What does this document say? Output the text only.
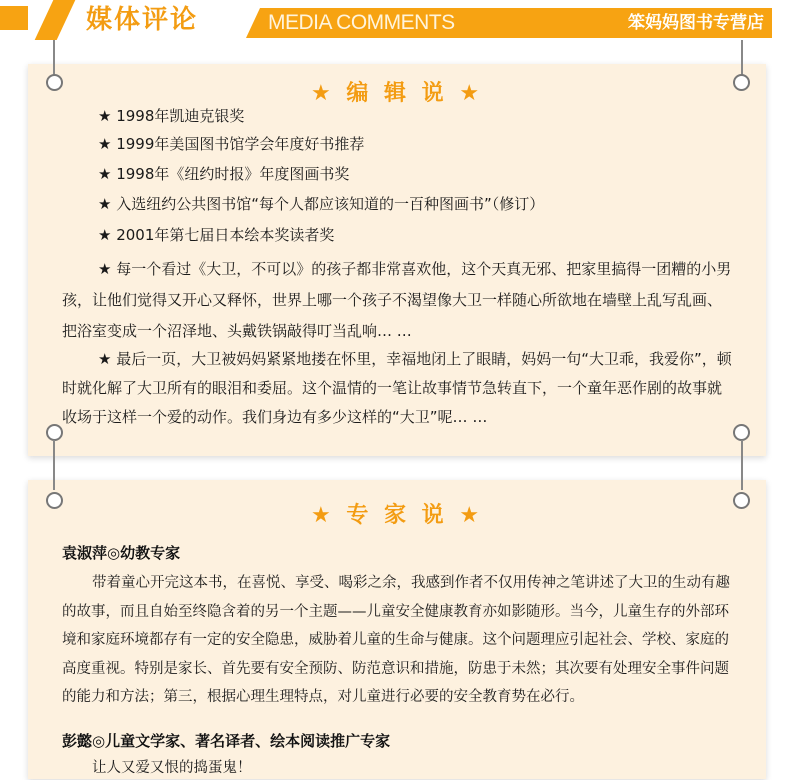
媒体评论	MEDIA COMMENTS	笨妈妈图书专营店
★ 编 辑 说 ★
★ 1998年凯迪克银奖
★ 1999年美国图书馆学会年度好书推荐
★ 1998年《纽约时报》年度图画书奖
★ 入选纽约公共图书馆“每个人都应该知道的一百种图画书”（修订）
★ 2001年第七届日本绘本奖读者奖
★ 每一个看过《大卫，不可以》的孩子都非常喜欢他，这个天真无邪、把家里搞得一团糟的小男孩，让他们觉得又开心又释怀，世界上哪一个孩子不渴望像大卫一样随心所欲地在墙壁上乱写乱画、把浴室变成一个沼泽地、头戴铁锅敲得叮当乱响… …
★ 最后一页，大卫被妈妈紧紧地搂在怀里，幸福地闭上了眼睛，妈妈一句“大卫乖，我爱你”，顿时就化解了大卫所有的眼泪和委屈。这个温情的一笔让故事情节急转直下，一个童年恶作剧的故事就收场于这样一个爱的动作。我们身边有多少这样的“大卫”呢… …
★ 专 家 说 ★
袁淑萍◎幼教专家
带着童心开完这本书，在喜悦、享受、喝彩之余，我感到作者不仅用传神之笔讲述了大卫的生动有趣的故事，而且自始至终隐含着的另一个主题——儿童安全健康教育亦如影随形。当今，儿童生存的外部环境和家庭环境都存有一定的安全隐患，威胁着儿童的生命与健康。这个问题理应引起社会、学校、家庭的高度重视。特别是家长、首先要有安全预防、防范意识和措施，防患于未然；其次要有处理安全事件问题的能力和方法；第三，根据心理生理特点，对儿童进行必要的安全教育势在必行。
彭懿◎儿童文学家、著名译者、绘本阅读推广专家
让人又爱又恨的捣蛋鬼！
